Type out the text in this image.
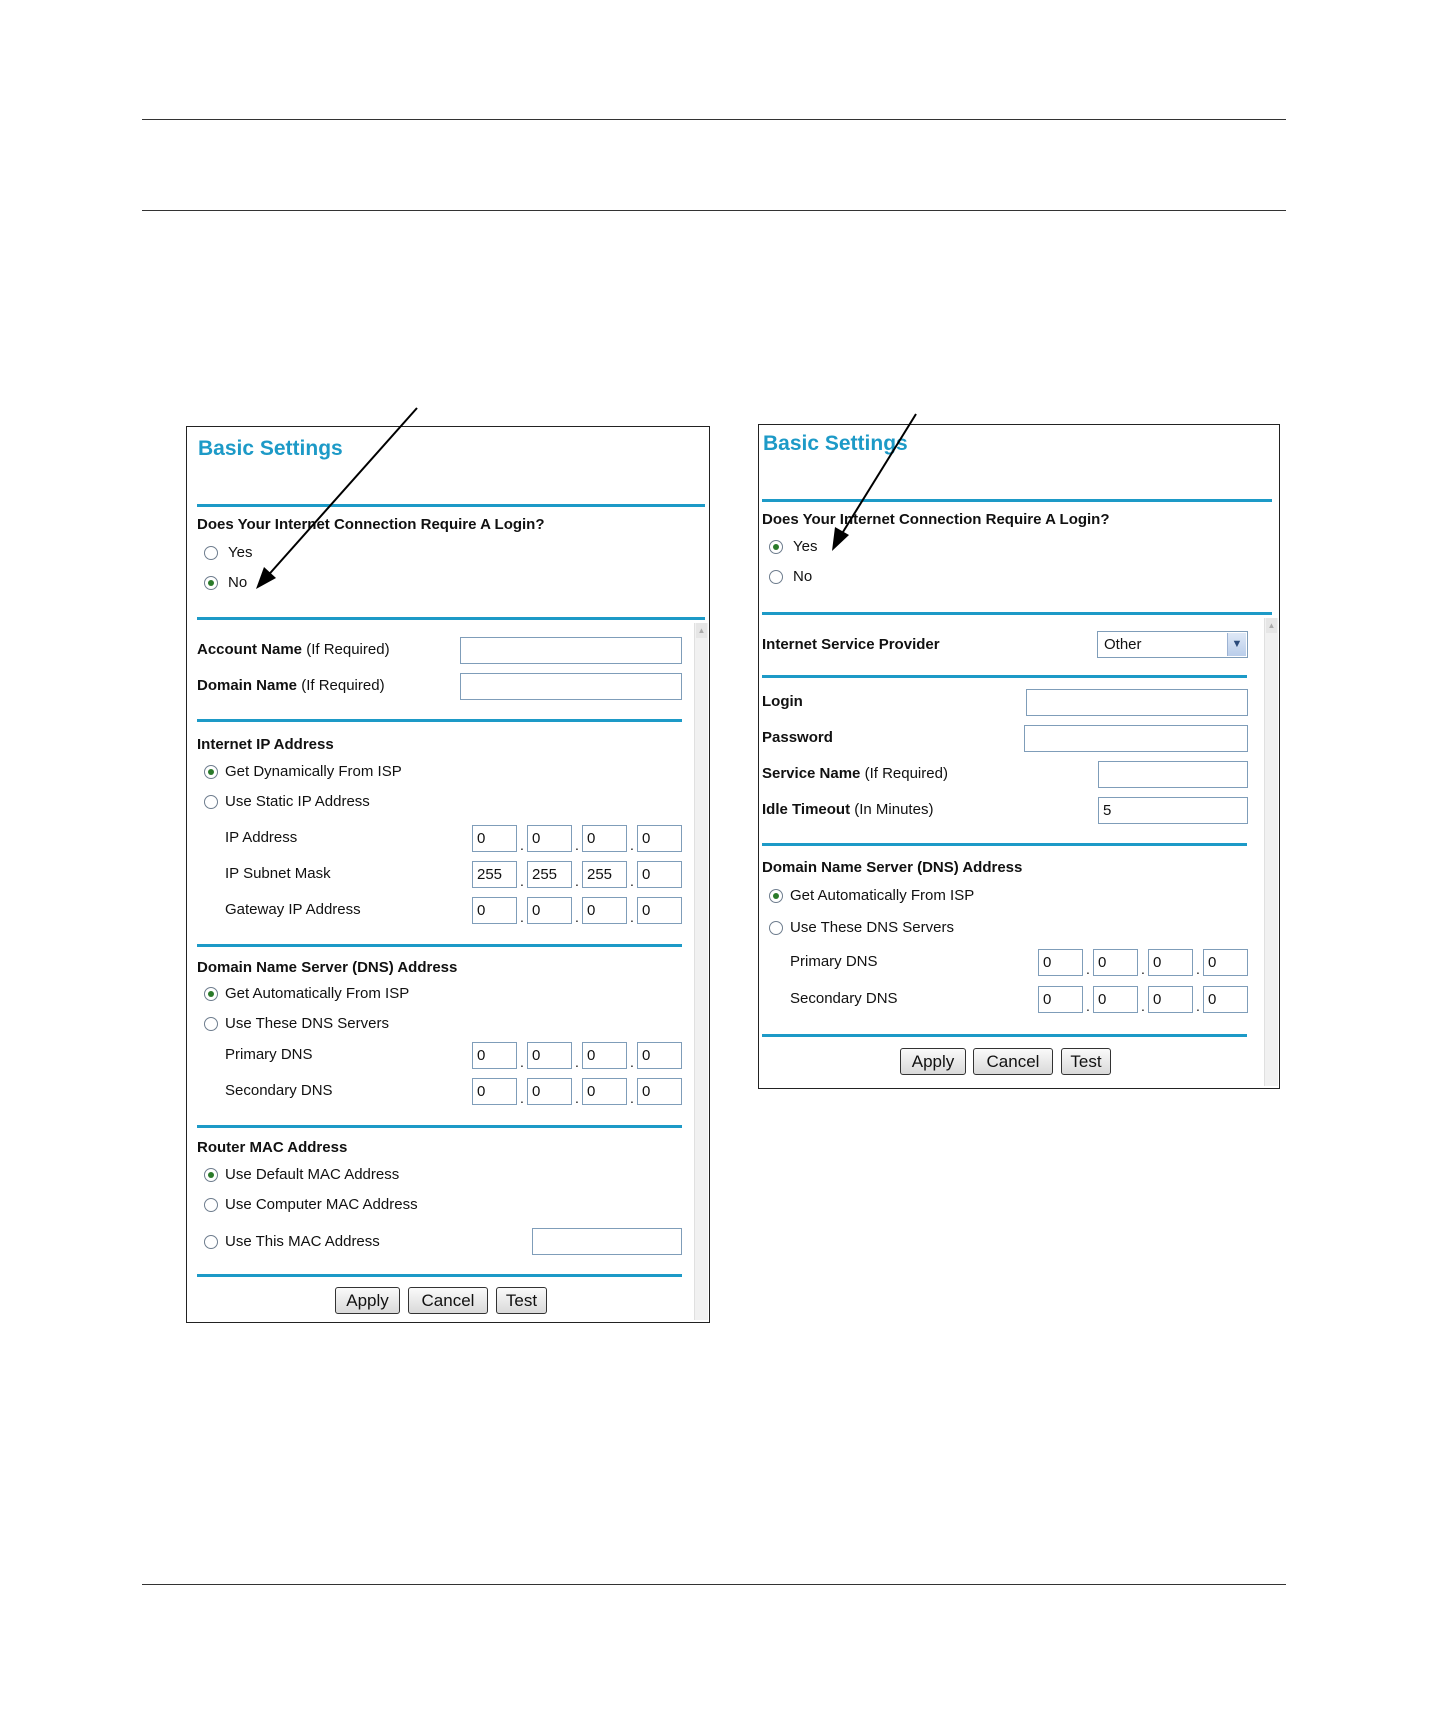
Basic Settings
Does Your Internet Connection Require A Login?
Yes
No
▲
Account Name (If Required)
Domain Name (If Required)
Internet IP Address
Get Dynamically From ISP
Use Static IP Address
IP Address	0	. 0	. 0	. 0
IP Subnet Mask	255	. 255	. 255	. 0
Gateway IP Address	0	. 0	. 0	. 0
Domain Name Server (DNS) Address
Get Automatically From ISP
Use These DNS Servers
Primary DNS	0	. 0	. 0	. 0
Secondary DNS	0	. 0	. 0	. 0
Router MAC Address
Use Default MAC Address
Use Computer MAC Address
Use This MAC Address
Apply	Cancel	Test
Basic Settings
Does Your Internet Connection Require A Login?
Yes
No
▲
Internet Service Provider	Other	▼
Login
Password
Service Name (If Required)
Idle Timeout (In Minutes)	5
Domain Name Server (DNS) Address
Get Automatically From ISP
Use These DNS Servers
Primary DNS	0	. 0	. 0	. 0
Secondary DNS	0	. 0	. 0	. 0
Apply	Cancel	Test
